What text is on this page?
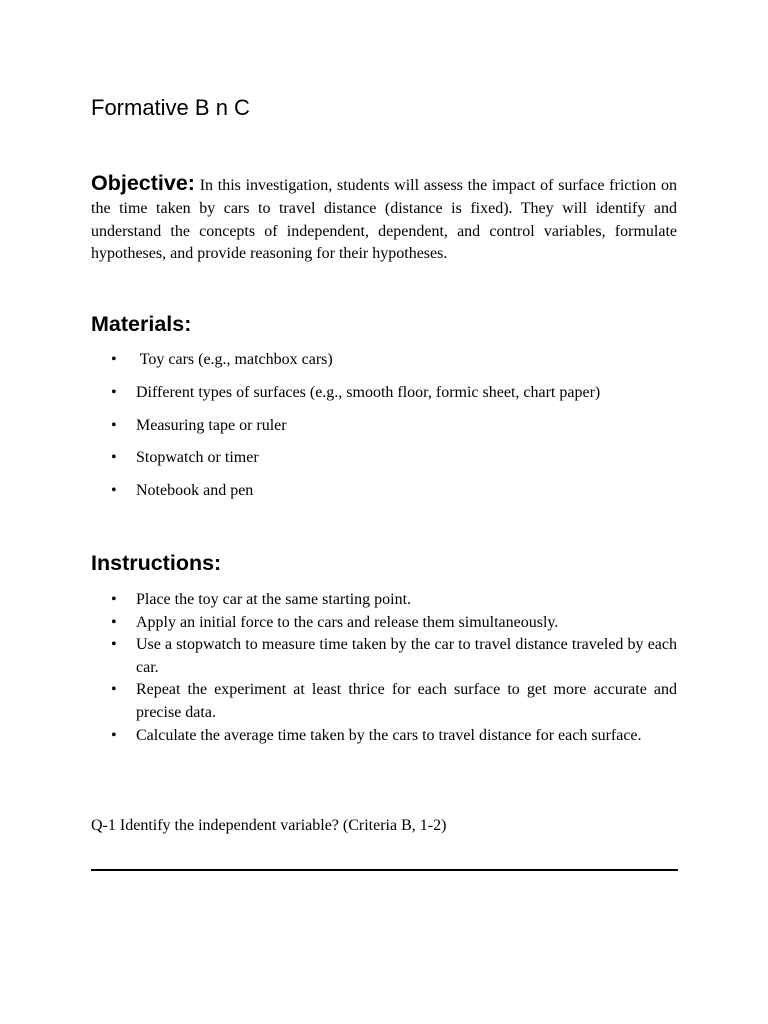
Formative B n C

Objective: In this investigation, students will assess the impact of surface friction on the time taken by cars to travel distance (distance is fixed). They will identify and understand the concepts of independent, dependent, and control variables, formulate hypotheses, and provide reasoning for their hypotheses.

Materials:
• Toy cars (e.g., matchbox cars)
• Different types of surfaces (e.g., smooth floor, formic sheet, chart paper)
• Measuring tape or ruler
• Stopwatch or timer
• Notebook and pen
Instructions:
• Place the toy car at the same starting point.
• Apply an initial force to the cars and release them simultaneously.
• Use a stopwatch to measure time taken by the car to travel distance traveled by each car.
• Repeat the experiment at least thrice for each surface to get more accurate and precise data.
• Calculate the average time taken by the cars to travel distance for each surface.

Q-1 Identify the independent variable? (Criteria B, 1-2)
